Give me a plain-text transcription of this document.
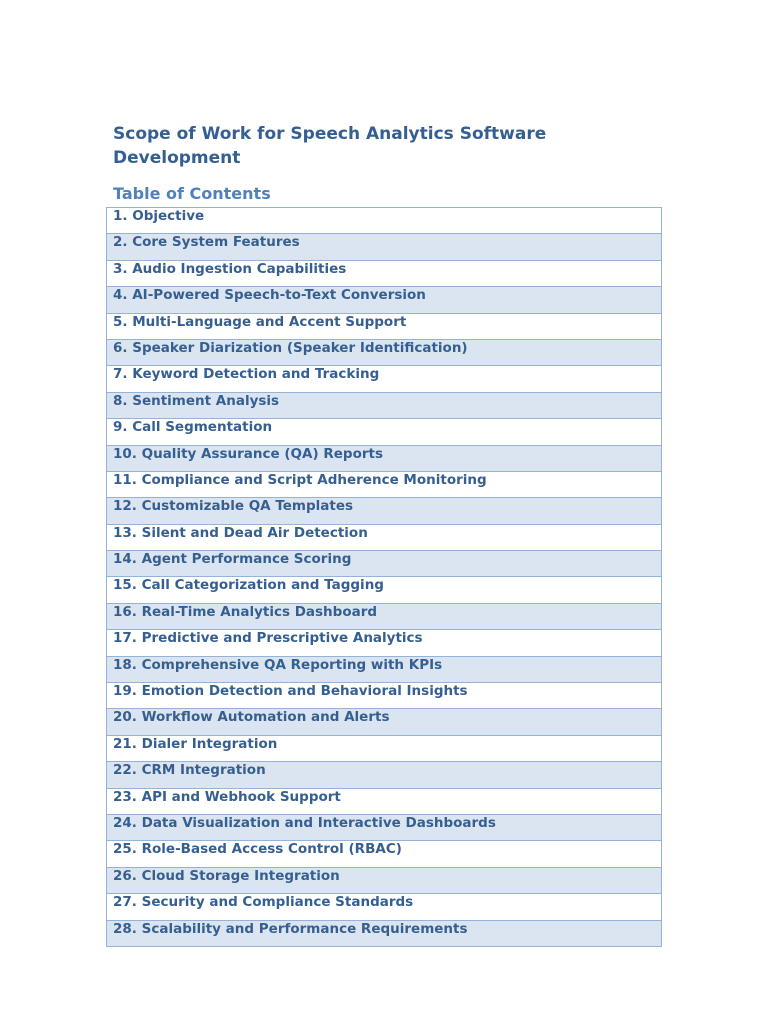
Scope of Work for Speech Analytics Software Development
Table of Contents
1. Objective
2. Core System Features
3. Audio Ingestion Capabilities
4. AI-Powered Speech-to-Text Conversion
5. Multi-Language and Accent Support
6. Speaker Diarization (Speaker Identification)
7. Keyword Detection and Tracking
8. Sentiment Analysis
9. Call Segmentation
10. Quality Assurance (QA) Reports
11. Compliance and Script Adherence Monitoring
12. Customizable QA Templates
13. Silent and Dead Air Detection
14. Agent Performance Scoring
15. Call Categorization and Tagging
16. Real-Time Analytics Dashboard
17. Predictive and Prescriptive Analytics
18. Comprehensive QA Reporting with KPIs
19. Emotion Detection and Behavioral Insights
20. Workflow Automation and Alerts
21. Dialer Integration
22. CRM Integration
23. API and Webhook Support
24. Data Visualization and Interactive Dashboards
25. Role-Based Access Control (RBAC)
26. Cloud Storage Integration
27. Security and Compliance Standards
28. Scalability and Performance Requirements
